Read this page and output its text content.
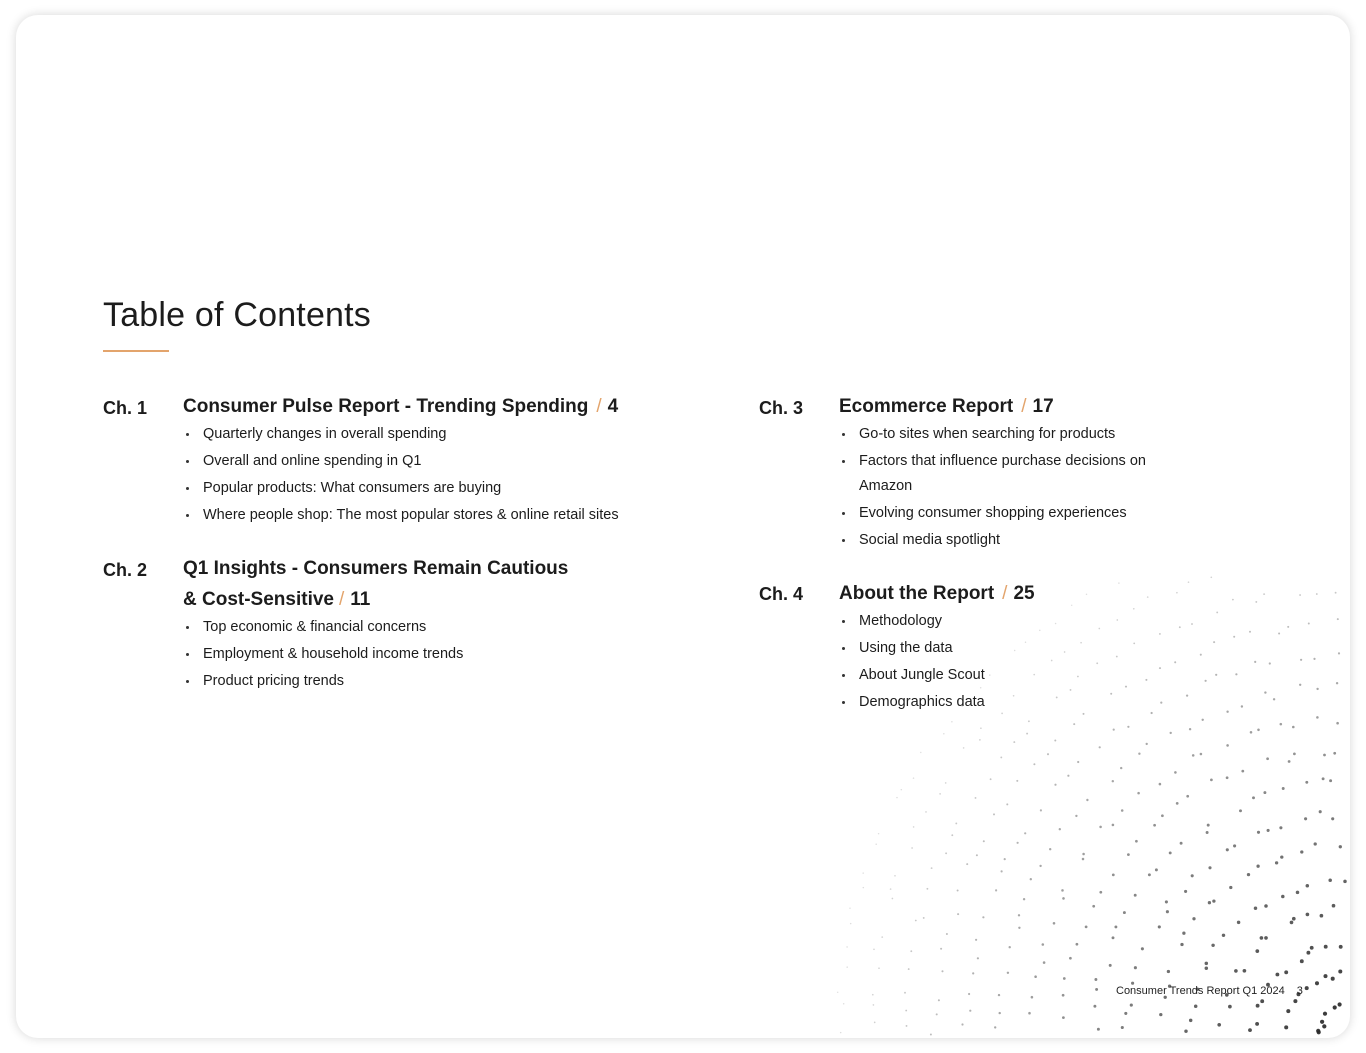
Table of Contents
Ch. 1 Consumer Pulse Report - Trending Spending / 4
Quarterly changes in overall spending
Overall and online spending in Q1
Popular products: What consumers are buying
Where people shop: The most popular stores & online retail sites
Ch. 2 Q1 Insights - Consumers Remain Cautious
& Cost-Sensitive / 11
Top economic & financial concerns
Employment & household income trends
Product pricing trends
Ch. 3 Ecommerce Report / 17
Go-to sites when searching for products
Factors that influence purchase decisions on Amazon
Evolving consumer shopping experiences
Social media spotlight
Ch. 4 About the Report / 25
Methodology
Using the data
About Jungle Scout
Demographics data
Consumer Trends Report Q1 2024 3
